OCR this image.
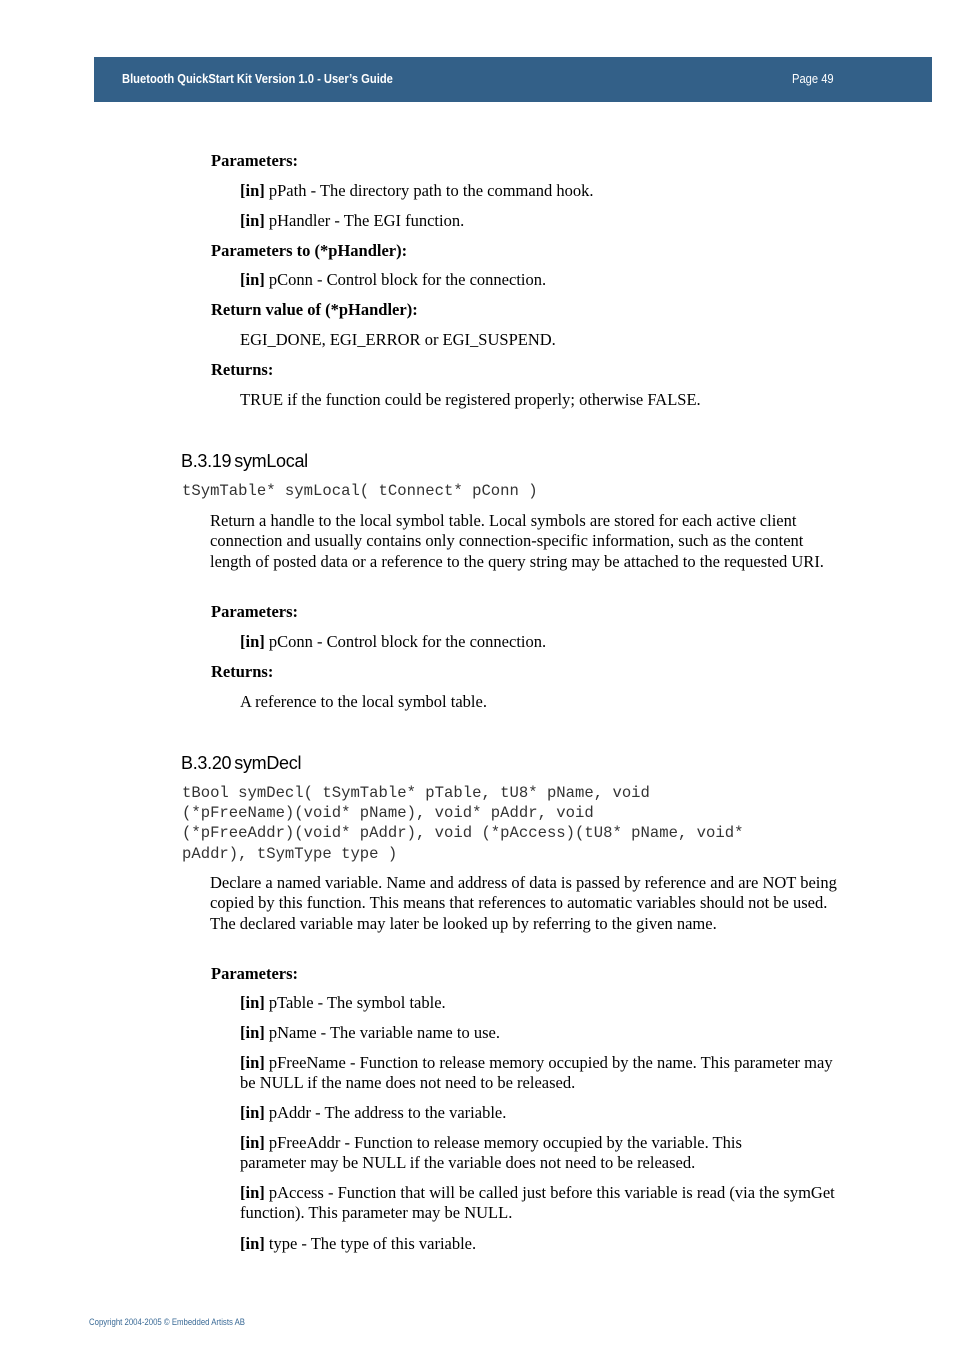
Bluetooth QuickStart Kit Version 1.0 - User’s Guide	Page 49
Parameters:
[in] pPath - The directory path to the command hook.
[in] pHandler - The EGI function.
Parameters to (*pHandler):
[in] pConn - Control block for the connection.
Return value of (*pHandler):
EGI_DONE, EGI_ERROR or EGI_SUSPEND.
Returns:
TRUE if the function could be registered properly; otherwise FALSE.
B.3.19 symLocal
tSymTable* symLocal( tConnect* pConn )
Return a handle to the local symbol table. Local symbols are stored for each active client connection and usually contains only connection-specific information, such as the content length of posted data or a reference to the query string may be attached to the requested URI.
Parameters:
[in] pConn - Control block for the connection.
Returns:
A reference to the local symbol table.
B.3.20 symDecl
tBool symDecl( tSymTable* pTable, tU8* pName, void
(*pFreeName)(void* pName), void* pAddr, void
(*pFreeAddr)(void* pAddr), void (*pAccess)(tU8* pName, void*
pAddr), tSymType type )
Declare a named variable. Name and address of data is passed by reference and are NOT being copied by this function. This means that references to automatic variables should not be used. The declared variable may later be looked up by referring to the given name.
Parameters:
[in] pTable - The symbol table.
[in] pName - The variable name to use.
[in] pFreeName - Function to release memory occupied by the name. This parameter may be NULL if the name does not need to be released.
[in] pAddr - The address to the variable.
[in] pFreeAddr - Function to release memory occupied by the variable. This parameter may be NULL if the variable does not need to be released.
[in] pAccess - Function that will be called just before this variable is read (via the symGet function). This parameter may be NULL.
[in] type - The type of this variable.
Copyright 2004-2005 © Embedded Artists AB
